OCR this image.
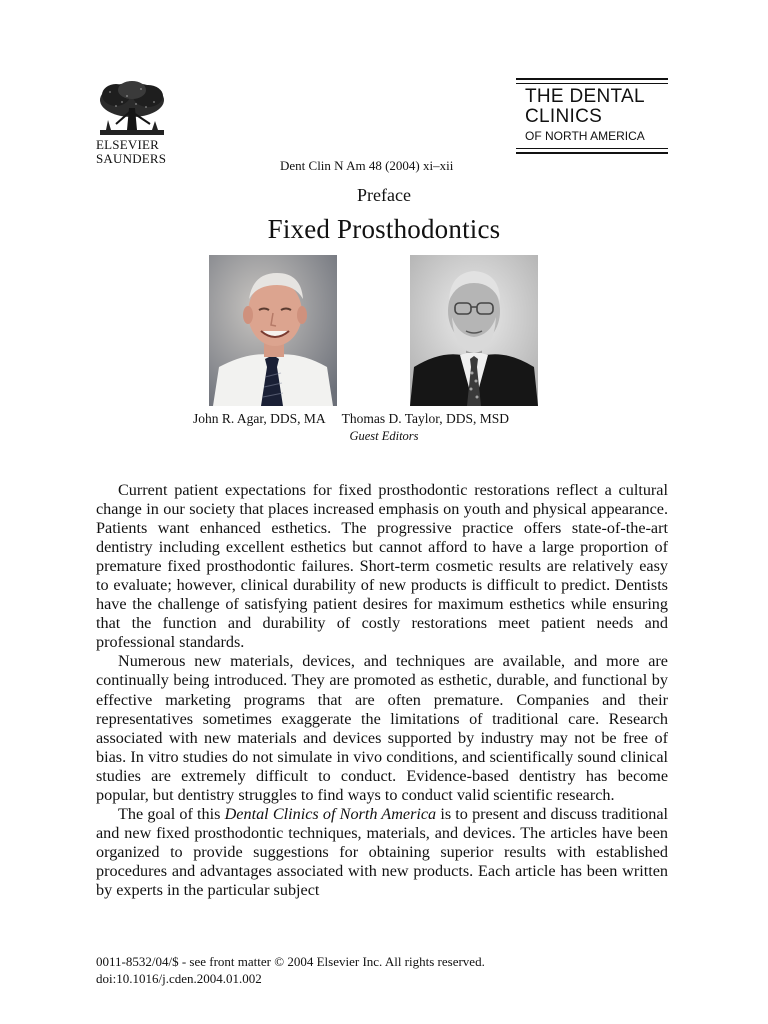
ELSEVIER
SAUNDERS
THE DENTAL
CLINICS
OF NORTH AMERICA
Dent Clin N Am 48 (2004) xi–xii
Preface
Fixed Prosthodontics
John R. Agar, DDS, MA Thomas D. Taylor, DDS, MSD
Guest Editors

Current patient expectations for fixed prosthodontic restorations reflect a cultural change in our society that places increased emphasis on youth and physical appearance. Patients want enhanced esthetics. The progressive practice offers state-of-the-art dentistry including excellent esthetics but cannot afford to have a large proportion of premature fixed prosthodontic failures. Short-term cosmetic results are relatively easy to evaluate; however, clinical durability of new products is difficult to predict. Dentists have the challenge of satisfying patient desires for maximum esthetics while ensuring that the function and durability of costly restorations meet patient needs and professional standards.

Numerous new materials, devices, and techniques are available, and more are continually being introduced. They are promoted as esthetic, durable, and functional by effective marketing programs that are often premature. Companies and their representatives sometimes exaggerate the limitations of traditional care. Research associated with new materials and devices supported by industry may not be free of bias. In vitro studies do not simulate in vivo conditions, and scientifically sound clinical studies are extremely difficult to conduct. Evidence-based dentistry has become popular, but dentistry struggles to find ways to conduct valid scientific research.

The goal of this Dental Clinics of North America is to present and discuss traditional and new fixed prosthodontic techniques, materials, and devices. The articles have been organized to provide suggestions for obtaining superior results with established procedures and advantages associated with new products. Each article has been written by experts in the particular subject

0011-8532/04/$ - see front matter © 2004 Elsevier Inc. All rights reserved.
doi:10.1016/j.cden.2004.01.002
